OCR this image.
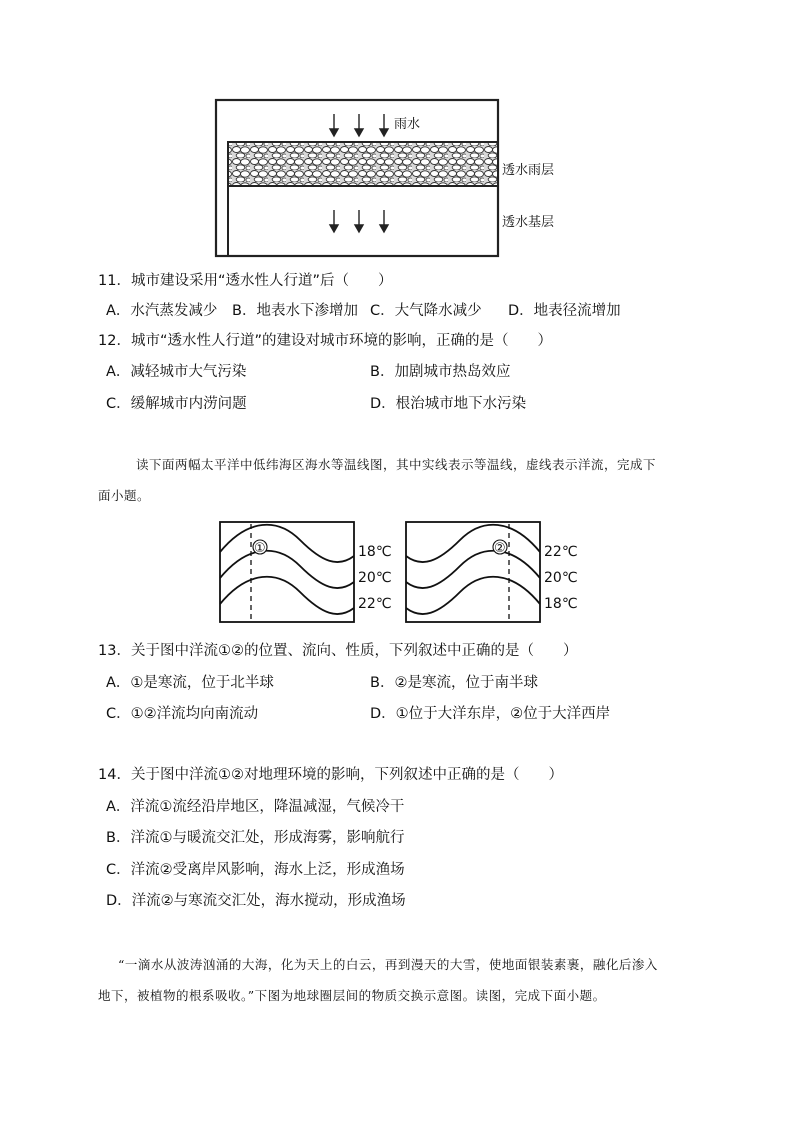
雨水
透水雨层
透水基层
11．城市建设采用“透水性人行道”后（　　）
A．水汽蒸发减少 B．地表水下渗增加 C．大气降水减少 D．地表径流增加
12．城市“透水性人行道”的建设对城市环境的影响，正确的是（　　）
A．减轻城市大气污染	B．加剧城市热岛效应
C．缓解城市内涝问题	D．根治城市地下水污染
读下面两幅太平洋中低纬海区海水等温线图，其中实线表示等温线，虚线表示洋流，完成下
面小题。
①	18℃
20℃
22℃
②	22℃
20℃
18℃
13．关于图中洋流①②的位置、流向、性质，下列叙述中正确的是（　　）
A．①是寒流，位于北半球	B．②是寒流，位于南半球
C．①②洋流均向南流动	D．①位于大洋东岸，②位于大洋西岸
14．关于图中洋流①②对地理环境的影响，下列叙述中正确的是（　　）
A．洋流①流经沿岸地区，降温减湿，气候冷干
B．洋流①与暖流交汇处，形成海雾，影响航行
C．洋流②受离岸风影响，海水上泛，形成渔场
D．洋流②与寒流交汇处，海水搅动，形成渔场
“一滴水从波涛汹涌的大海，化为天上的白云，再到漫天的大雪，使地面银装素裹，融化后渗入
地下，被植物的根系吸收。”下图为地球圈层间的物质交换示意图。读图，完成下面小题。
